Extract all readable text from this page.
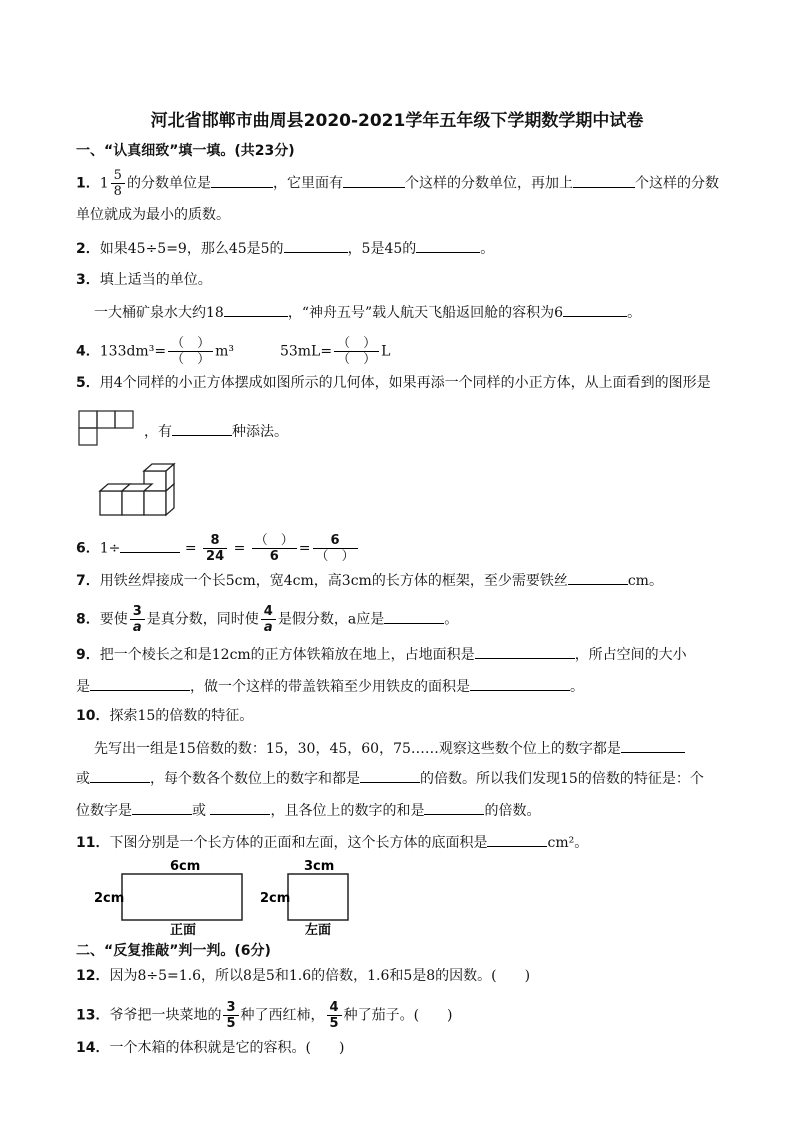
河北省邯郸市曲周县2020-2021学年五年级下学期数学期中试卷
一、“认真细致”填一填。(共23分)
1．$1 \frac{5}{8}$ 的分数单位是	，它里面有	个这样的分数单位，再加上	个这样的分数
单位就成为最小的质数。
2．如果45÷5=9，那么45是5的	，5是45的	。
3．填上适当的单位。
一大桶矿泉水大约18	，“神舟五号”载人航天飞船返回舱的容积为6	。
4．$133dm^3= \frac{( )}{( )} m^3$	$53mL= \frac{( )}{( )}$ L
5．用4个同样的小正方体摆成如图所示的几何体，如果再添一个同样的小正方体，从上面看到的图形是
，有	种添法。
6．1÷	= $\frac{8}{24} = \frac{( )}{6} = \frac{6}{( )}$
7．用铁丝焊接成一个长5cm，宽4cm，高3cm的长方体的框架，至少需要铁丝	cm。
8．要使 $\frac{3}{a}$ 是真分数，同时使 $\frac{4}{a}$ 是假分数，a应是	。
9．把一个棱长之和是12cm的正方体铁箱放在地上，占地面积是	，所占空间的大小
是	，做一个这样的带盖铁箱至少用铁皮的面积是	。
10．探索15的倍数的特征。
先写出一组是15倍数的数：15，30，45，60，75……观察这些数个位上的数字都是
或	，每个数各个数位上的数字和都是	的倍数。所以我们发现15的倍数的特征是：个
位数字是	或	，且各位上的数字的和是	的倍数。
11．下图分别是一个长方体的正面和左面，这个长方体的底面积是	cm²。
6cm
2cm
正面
3cm
2cm
左面
二、“反复推敲”判一判。(6分)
12．因为8÷5=1.6，所以8是5和1.6的倍数，1.6和5是8的因数。(　　)
13．爷爷把一块菜地的 $\frac{3}{5}$ 种了西红柿， $\frac{4}{5}$ 种了茄子。(　　)
14．一个木箱的体积就是它的容积。(　　)
